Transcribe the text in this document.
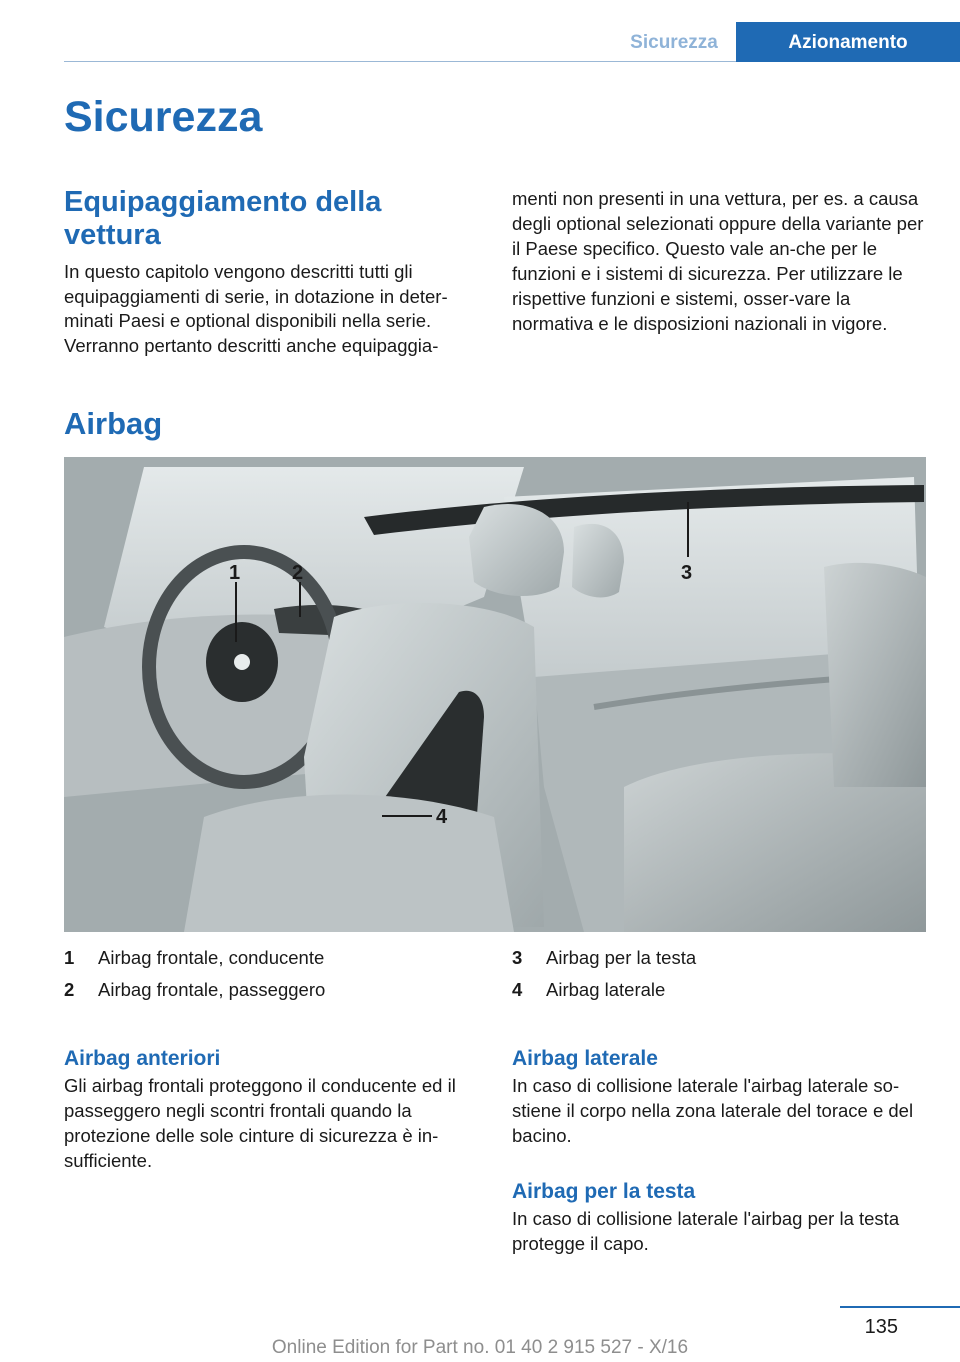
Sicurezza	Azionamento
Sicurezza
Equipaggiamento della vettura

In questo capitolo vengono descritti tutti gli equipaggiamenti di serie, in dotazione in deter-minati Paesi e optional disponibili nella serie. Verranno pertanto descritti anche equipaggia-

menti non presenti in una vettura, per es. a causa degli optional selezionati oppure della variante per il Paese specifico. Questo vale an-che per le funzioni e i sistemi di sicurezza. Per utilizzare le rispettive funzioni e sistemi, osser-vare la normativa e le disposizioni nazionali in vigore.

Airbag
1	2	3
4
1	Airbag frontale, conducente
2	Airbag frontale, passeggero
3	Airbag per la testa
4	Airbag laterale
Airbag anteriori

Gli airbag frontali proteggono il conducente ed il passeggero negli scontri frontali quando la protezione delle sole cinture di sicurezza è in-sufficiente.

Airbag laterale

In caso di collisione laterale l'airbag laterale so-stiene il corpo nella zona laterale del torace e del bacino.

Airbag per la testa

In caso di collisione laterale l'airbag per la testa protegge il capo.

135
Online Edition for Part no. 01 40 2 915 527 - X/16
